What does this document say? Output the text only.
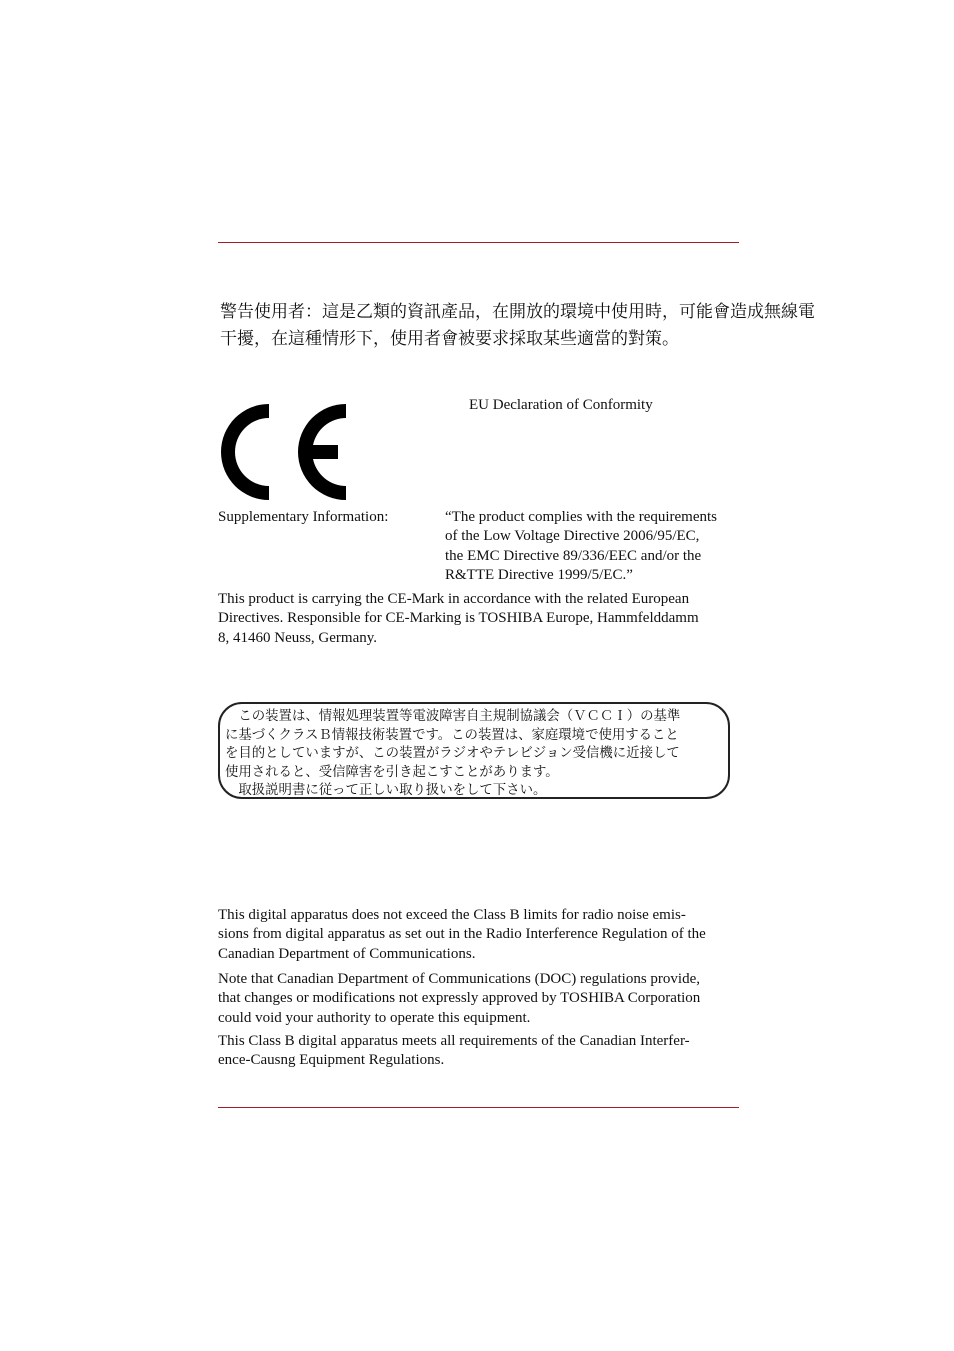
警告使用者：這是乙類的資訊產品，在開放的環境中使用時，可能會造成無線電
干擾，在這種情形下，使用者會被要求採取某些適當的對策。
EU Declaration of Conformity
Supplementary Information:	“The product complies with the requirements
of the Low Voltage Directive 2006/95/EC,
the EMC Directive 89/336/EEC and/or the
R&TTE Directive 1999/5/EC.”
This product is carrying the CE-Mark in accordance with the related European
Directives. Responsible for CE-Marking is TOSHIBA Europe, Hammfelddamm
8, 41460 Neuss, Germany.
　この装置は、情報処理装置等電波障害自主規制協議会（ＶＣＣＩ）の基準
に基づくクラスＢ情報技術装置です。この装置は、家庭環境で使用すること
を目的としていますが、この装置がラジオやテレビジョン受信機に近接して
使用されると、受信障害を引き起こすことがあります。
　取扱説明書に従って正しい取り扱いをして下さい。
This digital apparatus does not exceed the Class B limits for radio noise emis-
sions from digital apparatus as set out in the Radio Interference Regulation of the
Canadian Department of Communications.
Note that Canadian Department of Communications (DOC) regulations provide,
that changes or modifications not expressly approved by TOSHIBA Corporation
could void your authority to operate this equipment.
This Class B digital apparatus meets all requirements of the Canadian Interfer-
ence-Causng Equipment Regulations.
